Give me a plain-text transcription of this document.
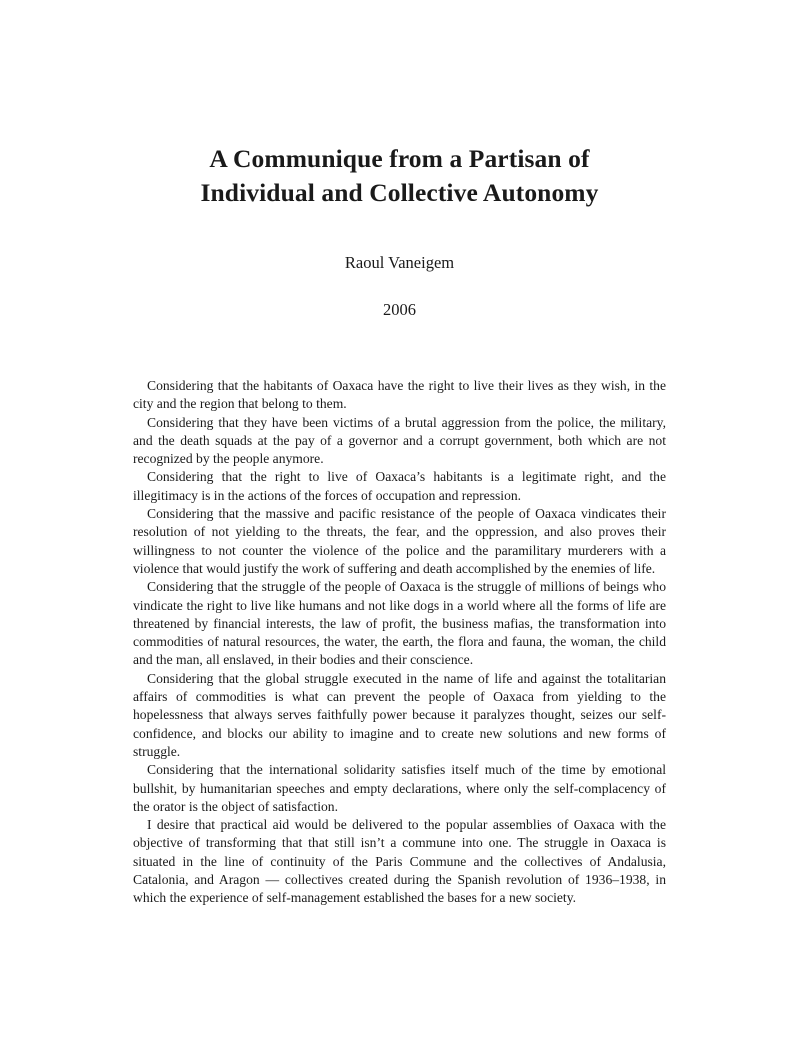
A Communique from a Partisan of
Individual and Collective Autonomy
Raoul Vaneigem
2006

Considering that the habitants of Oaxaca have the right to live their lives as they wish, in the city and the region that belong to them.

Considering that they have been victims of a brutal aggression from the police, the military, and the death squads at the pay of a governor and a corrupt government, both which are not recognized by the people anymore.

Considering that the right to live of Oaxaca’s habitants is a legitimate right, and the illegitimacy is in the actions of the forces of occupation and repression.

Considering that the massive and pacific resistance of the people of Oaxaca vindicates their resolution of not yielding to the threats, the fear, and the oppression, and also proves their willingness to not counter the violence of the police and the paramilitary murderers with a violence that would justify the work of suffering and death accomplished by the enemies of life.

Considering that the struggle of the people of Oaxaca is the struggle of millions of beings who vindicate the right to live like humans and not like dogs in a world where all the forms of life are threatened by financial interests, the law of profit, the business mafias, the transformation into commodities of natural resources, the water, the earth, the flora and fauna, the woman, the child and the man, all enslaved, in their bodies and their conscience.

Considering that the global struggle executed in the name of life and against the totalitarian affairs of commodities is what can prevent the people of Oaxaca from yielding to the hopelessness that always serves faithfully power because it paralyzes thought, seizes our self-confidence, and blocks our ability to imagine and to create new solutions and new forms of struggle.

Considering that the international solidarity satisfies itself much of the time by emotional bullshit, by humanitarian speeches and empty declarations, where only the self-complacency of the orator is the object of satisfaction.

I desire that practical aid would be delivered to the popular assemblies of Oaxaca with the objective of transforming that that still isn’t a commune into one. The struggle in Oaxaca is situated in the line of continuity of the Paris Commune and the collectives of Andalusia, Catalonia, and Aragon — collectives created during the Spanish revolution of 1936–1938, in which the experience of self-management established the bases for a new society.
